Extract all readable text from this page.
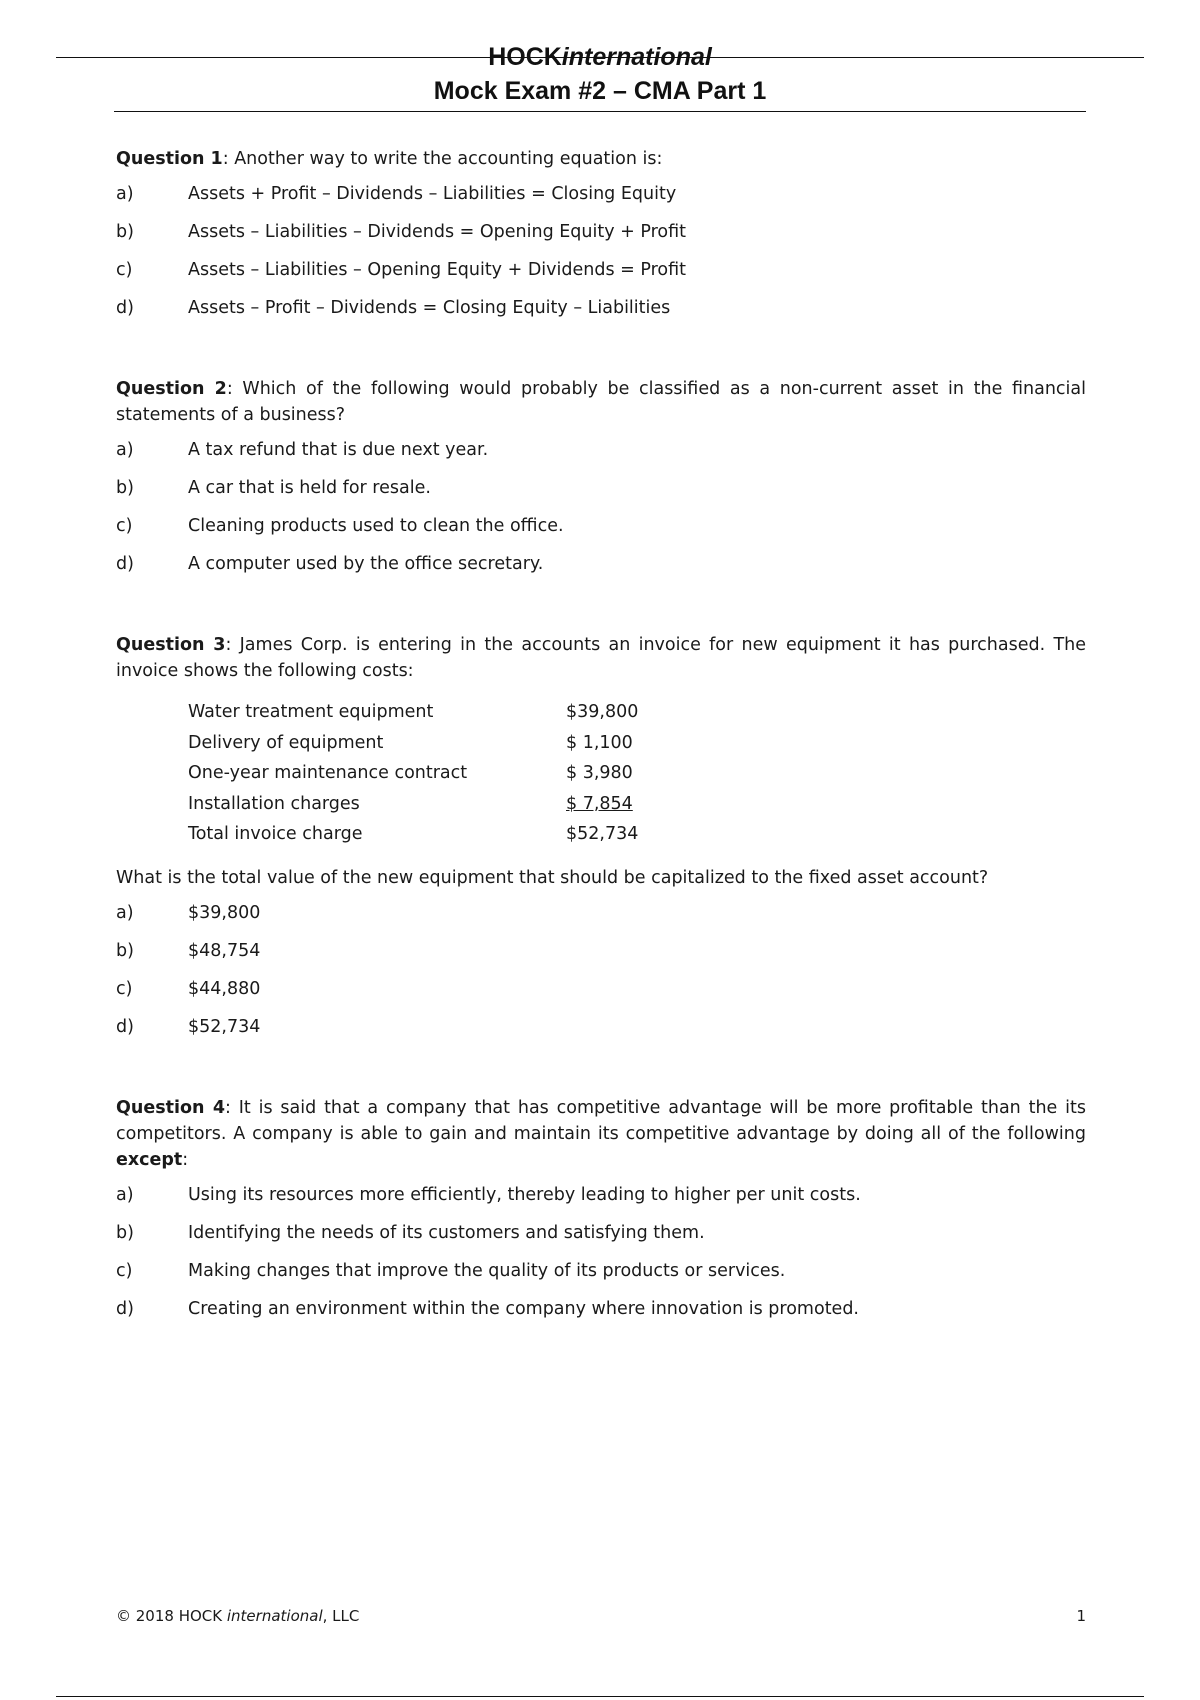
HOCKinternational
Mock Exam #2 – CMA Part 1

Question 1: Another way to write the accounting equation is:

a)	Assets + Profit – Dividends – Liabilities = Closing Equity
b)	Assets – Liabilities – Dividends = Opening Equity + Profit
c)	Assets – Liabilities – Opening Equity + Dividends = Profit
d)	Assets – Profit – Dividends = Closing Equity – Liabilities

Question 2: Which of the following would probably be classified as a non-current asset in the financial statements of a business?

a)	A tax refund that is due next year.
b)	A car that is held for resale.
c)	Cleaning products used to clean the office.
d)	A computer used by the office secretary.

Question 3: James Corp. is entering in the accounts an invoice for new equipment it has purchased. The invoice shows the following costs:

Water treatment equipment	$39,800
Delivery of equipment	$ 1,100
One-year maintenance contract	$ 3,980
Installation charges	$ 7,854
Total invoice charge	$52,734

What is the total value of the new equipment that should be capitalized to the fixed asset account?

a)	$39,800
b)	$48,754
c)	$44,880
d)	$52,734

Question 4: It is said that a company that has competitive advantage will be more profitable than the its competitors. A company is able to gain and maintain its competitive advantage by doing all of the following except:

a)	Using its resources more efficiently, thereby leading to higher per unit costs.
b)	Identifying the needs of its customers and satisfying them.
c)	Making changes that improve the quality of its products or services.
d)	Creating an environment within the company where innovation is promoted.
© 2018 HOCK international, LLC	1
